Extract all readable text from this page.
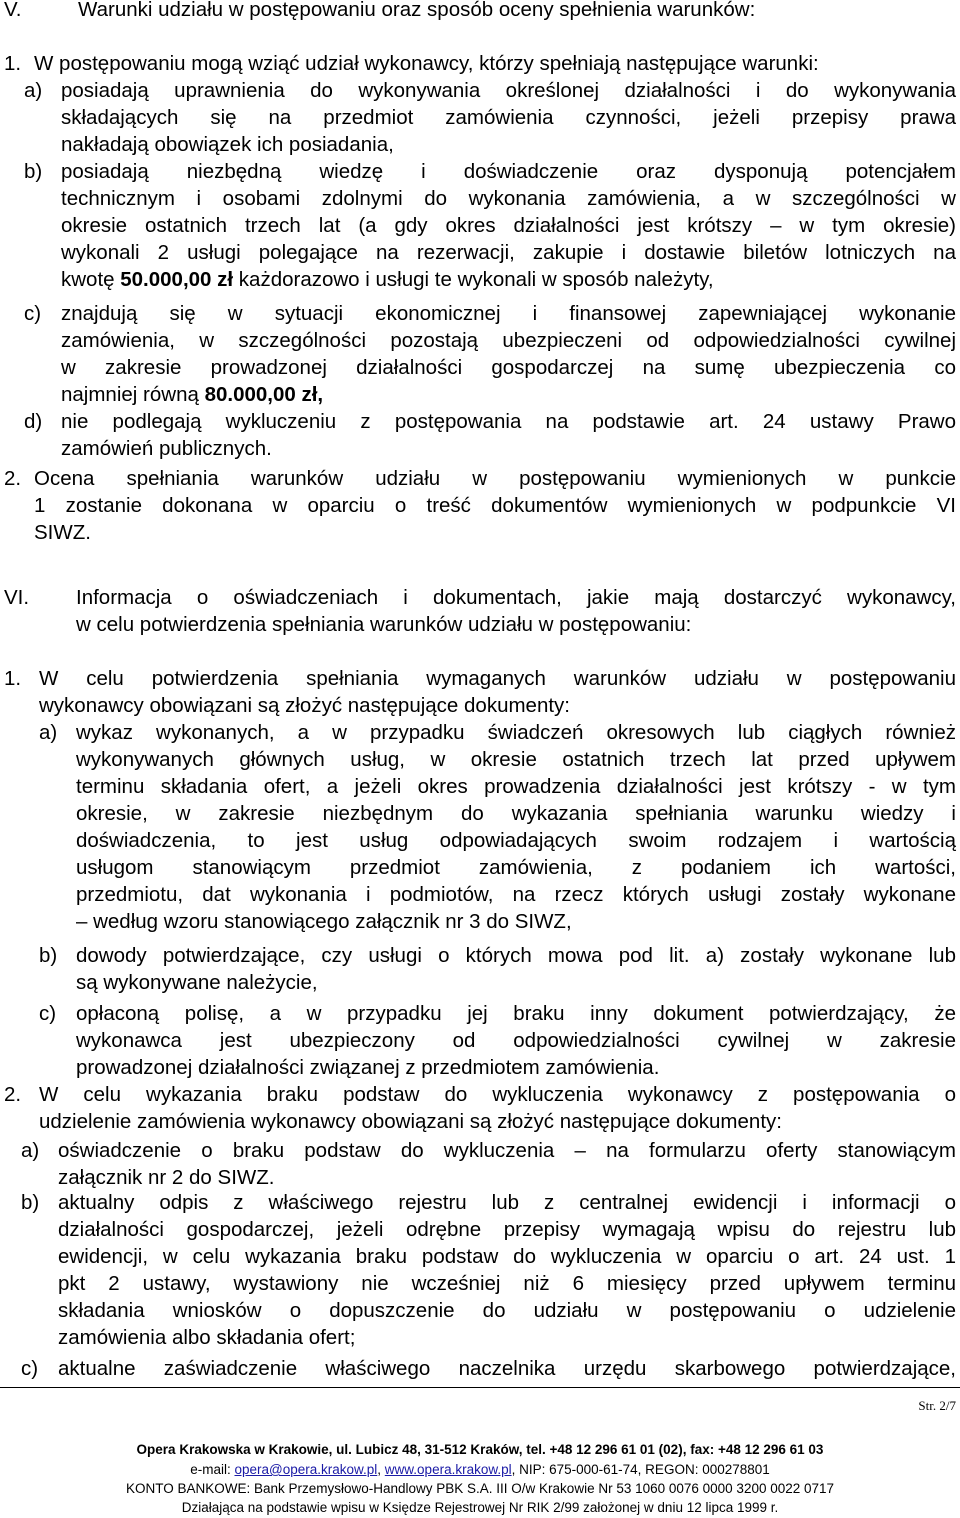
V.	Warunki udziału w postępowaniu oraz sposób oceny spełnienia warunków:
1. W postępowaniu mogą wziąć udział wykonawcy, którzy spełniają następujące warunki:
a) posiadają uprawnienia do wykonywania określonej działalności i do wykonywania
składających się na przedmiot zamówienia czynności, jeżeli przepisy prawa
nakładają obowiązek ich posiadania,
b) posiadają niezbędną wiedzę i doświadczenie oraz dysponują potencjałem
technicznym i osobami zdolnymi do wykonania zamówienia, a w szczególności w
okresie ostatnich trzech lat (a gdy okres działalności jest krótszy – w tym okresie)
wykonali 2 usługi polegające na rezerwacji, zakupie i dostawie biletów lotniczych na
kwotę 50.000,00 zł każdorazowo i usługi te wykonali w sposób należyty,
c) znajdują się w sytuacji ekonomicznej i finansowej zapewniającej wykonanie
zamówienia, w szczególności pozostają ubezpieczeni od odpowiedzialności cywilnej
w zakresie prowadzonej działalności gospodarczej na sumę ubezpieczenia co
najmniej równą 80.000,00 zł,
d) nie podlegają wykluczeniu z postępowania na podstawie art. 24 ustawy Prawo
zamówień publicznych.
2. Ocena spełniania warunków udziału w postępowaniu wymienionych w punkcie
1 zostanie dokonana w oparciu o treść dokumentów wymienionych w podpunkcie VI
SIWZ.
VI. Informacja o oświadczeniach i dokumentach, jakie mają dostarczyć wykonawcy,
w celu potwierdzenia spełniania warunków udziału w postępowaniu:
1. W celu potwierdzenia spełniania wymaganych warunków udziału w postępowaniu
wykonawcy obowiązani są złożyć następujące dokumenty:
a) wykaz wykonanych, a w przypadku świadczeń okresowych lub ciągłych również
wykonywanych głównych usług, w okresie ostatnich trzech lat przed upływem
terminu składania ofert, a jeżeli okres prowadzenia działalności jest krótszy - w tym
okresie, w zakresie niezbędnym do wykazania spełniania warunku wiedzy i
doświadczenia, to jest usług odpowiadających swoim rodzajem i wartością
usługom stanowiącym przedmiot zamówienia, z podaniem ich wartości,
przedmiotu, dat wykonania i podmiotów, na rzecz których usługi zostały wykonane
– według wzoru stanowiącego załącznik nr 3 do SIWZ,
b) dowody potwierdzające, czy usługi o których mowa pod lit. a) zostały wykonane lub
są wykonywane należycie,
c) opłaconą polisę, a w przypadku jej braku inny dokument potwierdzający, że
wykonawca jest ubezpieczony od odpowiedzialności cywilnej w zakresie
prowadzonej działalności związanej z przedmiotem zamówienia.
2. W celu wykazania braku podstaw do wykluczenia wykonawcy z postępowania o
udzielenie zamówienia wykonawcy obowiązani są złożyć następujące dokumenty:
a) oświadczenie o braku podstaw do wykluczenia – na formularzu oferty stanowiącym
załącznik nr 2 do SIWZ.
b) aktualny odpis z właściwego rejestru lub z centralnej ewidencji i informacji o
działalności gospodarczej, jeżeli odrębne przepisy wymagają wpisu do rejestru lub
ewidencji, w celu wykazania braku podstaw do wykluczenia w oparciu o art. 24 ust. 1
pkt 2 ustawy, wystawiony nie wcześniej niż 6 miesięcy przed upływem terminu
składania wniosków o dopuszczenie do udziału w postępowaniu o udzielenie
zamówienia albo składania ofert;
c) aktualne zaświadczenie właściwego naczelnika urzędu skarbowego potwierdzające,
Str. 2/7
Opera Krakowska w Krakowie, ul. Lubicz 48, 31-512 Kraków, tel. +48 12 296 61 01 (02), fax: +48 12 296 61 03
e-mail: opera@opera.krakow.pl, www.opera.krakow.pl, NIP: 675-000-61-74, REGON: 000278801
KONTO BANKOWE: Bank Przemysłowo-Handlowy PBK S.A. III O/w Krakowie Nr 53 1060 0076 0000 3200 0022 0717
Działająca na podstawie wpisu w Księdze Rejestrowej Nr RIK 2/99 założonej w dniu 12 lipca 1999 r.
